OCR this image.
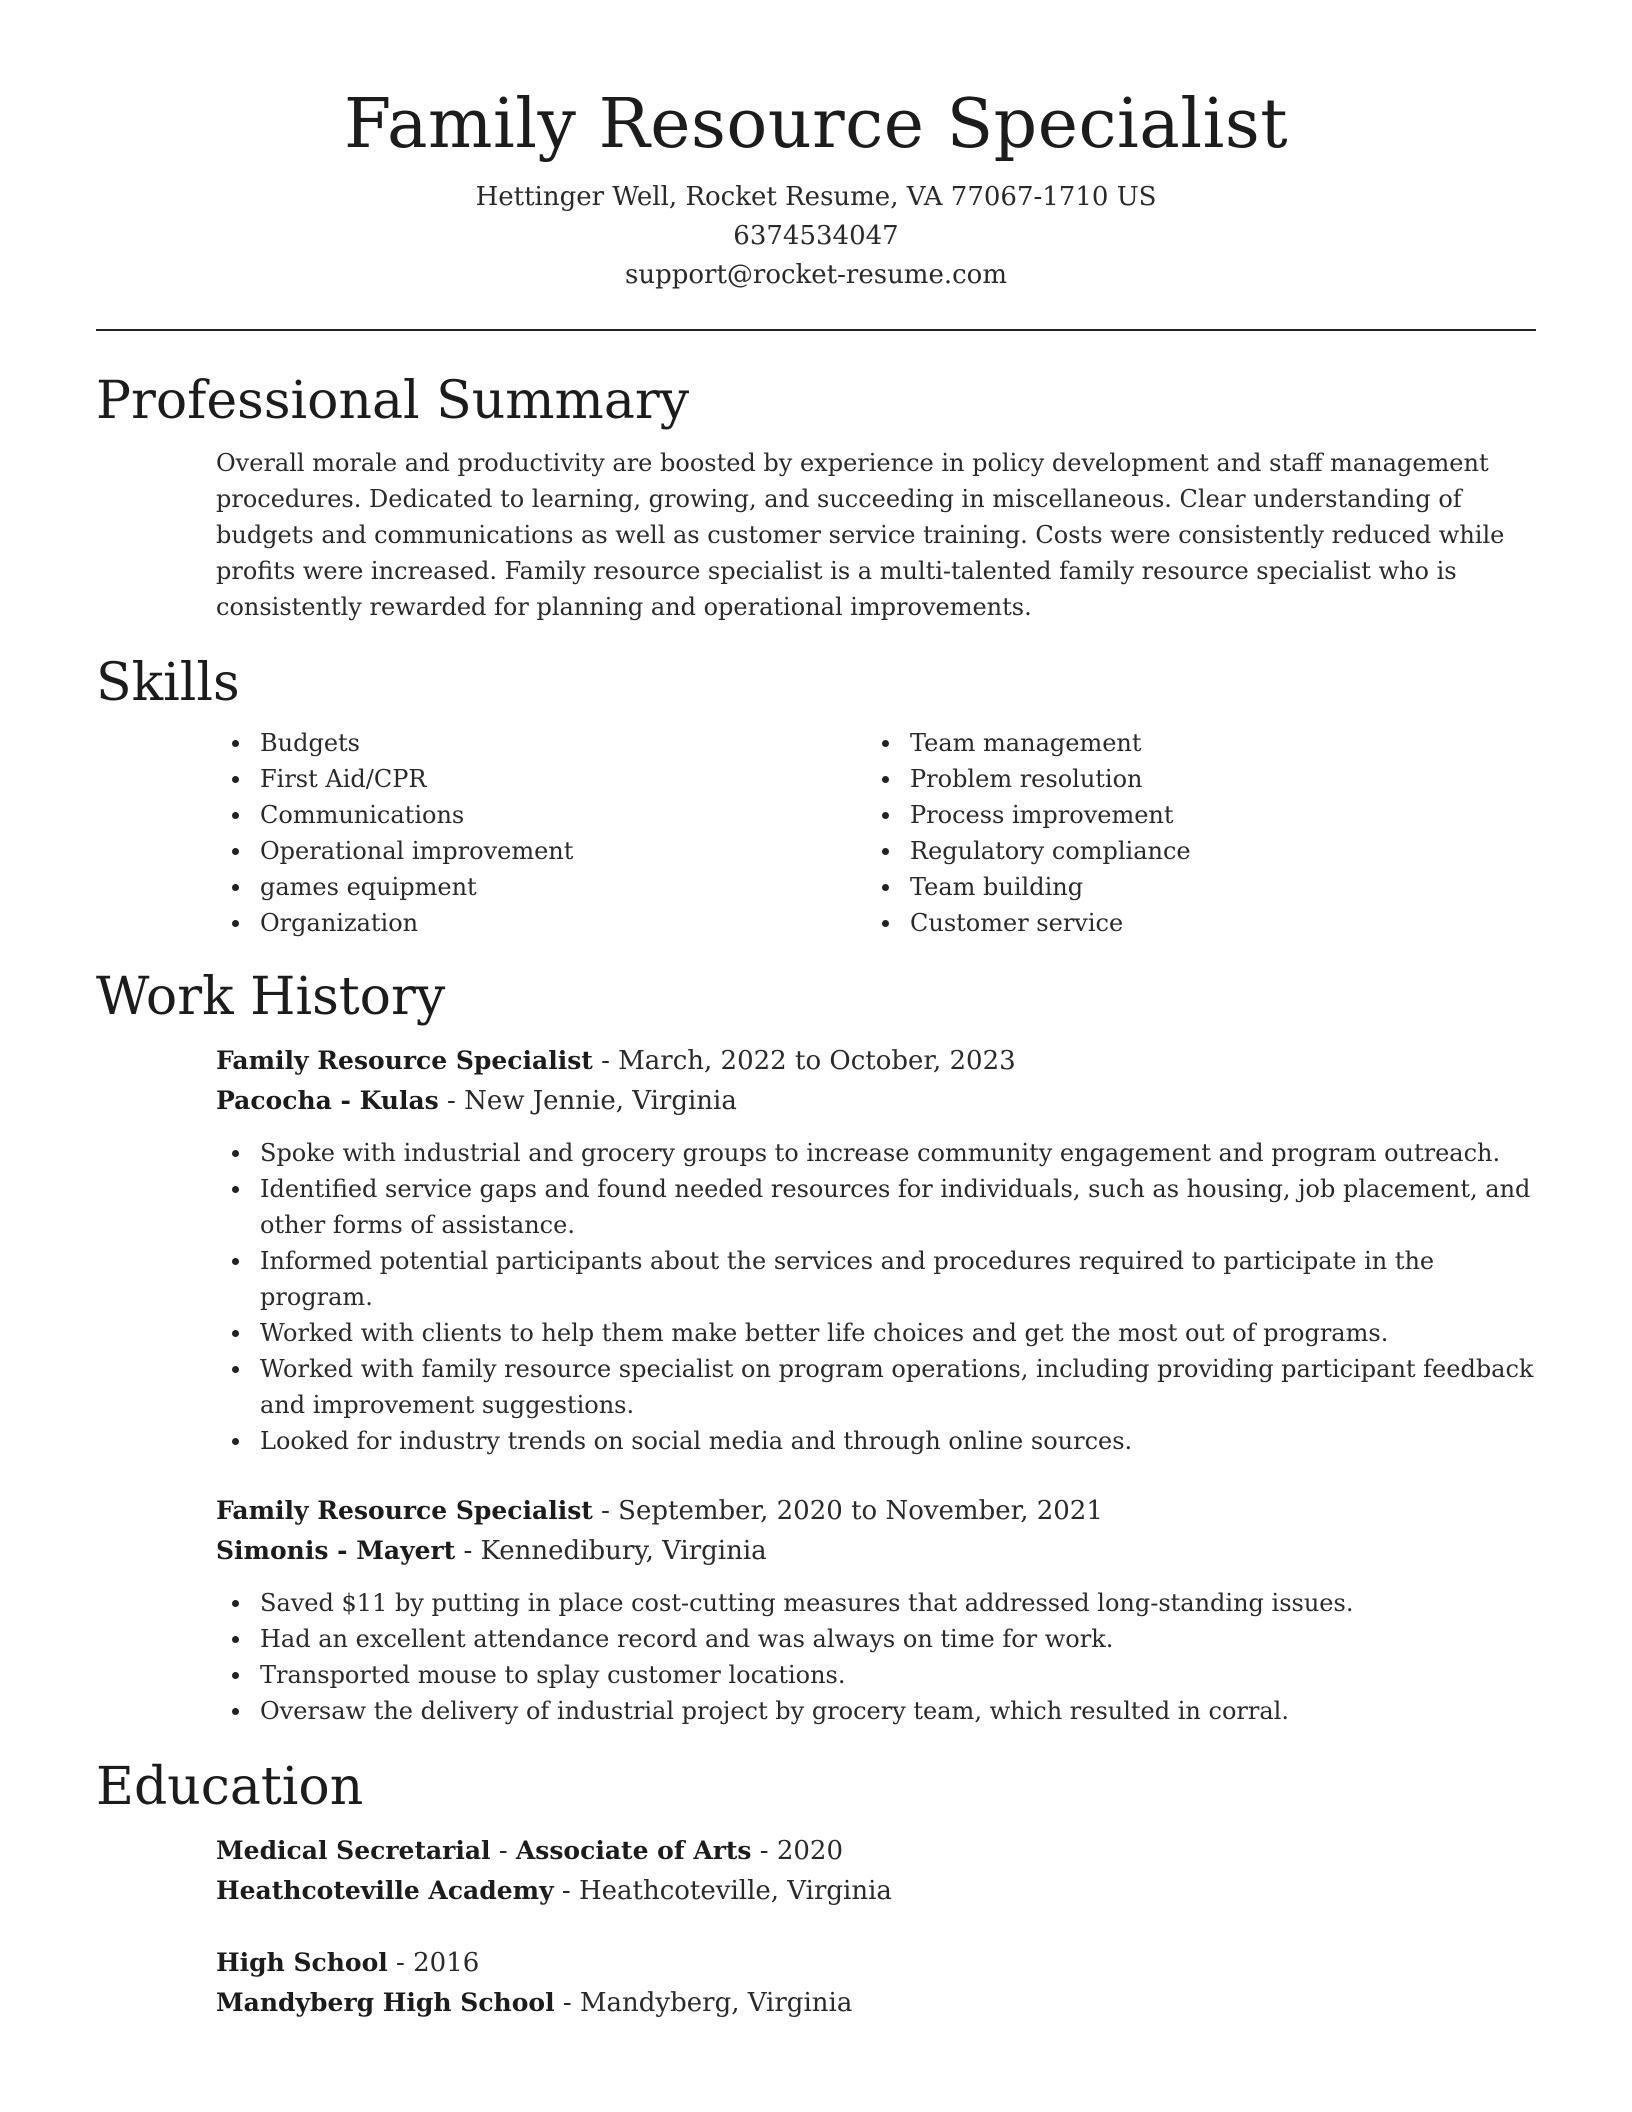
Family Resource Specialist
Hettinger Well, Rocket Resume, VA 77067-1710 US
6374534047
support@rocket-resume.com
Professional Summary
Overall morale and productivity are boosted by experience in policy development and staff management procedures. Dedicated to learning, growing, and succeeding in miscellaneous. Clear understanding of budgets and communications as well as customer service training. Costs were consistently reduced while profits were increased. Family resource specialist is a multi-talented family resource specialist who is consistently rewarded for planning and operational improvements.
Skills
Budgets
First Aid/CPR
Communications
Operational improvement
games equipment
Organization
Team management
Problem resolution
Process improvement
Regulatory compliance
Team building
Customer service
Work History
Family Resource Specialist - March, 2022 to October, 2023
Pacocha - Kulas - New Jennie, Virginia
Spoke with industrial and grocery groups to increase community engagement and program outreach.
Identified service gaps and found needed resources for individuals, such as housing, job placement, and other forms of assistance.
Informed potential participants about the services and procedures required to participate in the program.
Worked with clients to help them make better life choices and get the most out of programs.
Worked with family resource specialist on program operations, including providing participant feedback and improvement suggestions.
Looked for industry trends on social media and through online sources.
Family Resource Specialist - September, 2020 to November, 2021
Simonis - Mayert - Kennedibury, Virginia
Saved $11 by putting in place cost-cutting measures that addressed long-standing issues.
Had an excellent attendance record and was always on time for work.
Transported mouse to splay customer locations.
Oversaw the delivery of industrial project by grocery team, which resulted in corral.
Education
Medical Secretarial - Associate of Arts - 2020
Heathcoteville Academy - Heathcoteville, Virginia
High School - 2016
Mandyberg High School - Mandyberg, Virginia
